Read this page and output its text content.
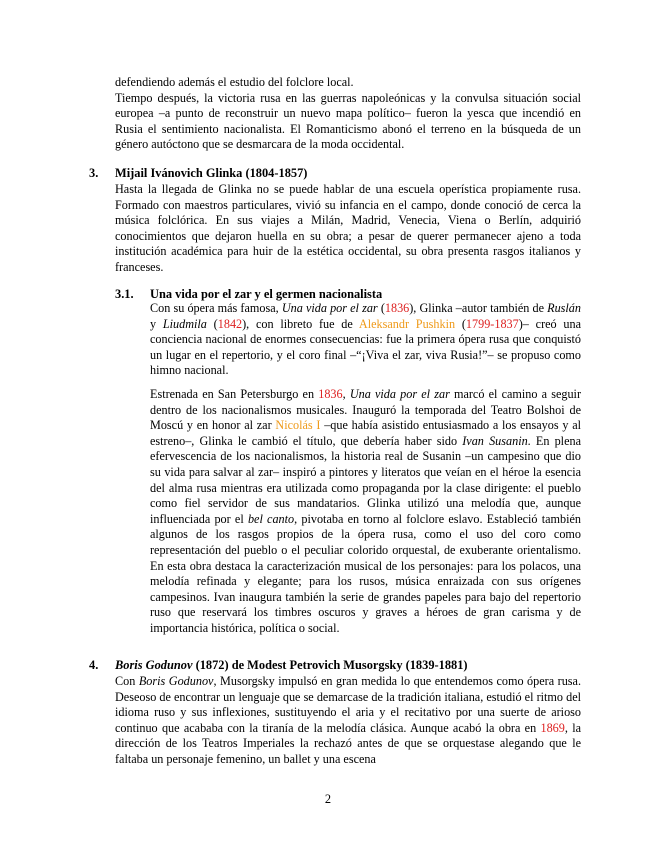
defendiendo además el estudio del folclore local.

Tiempo después, la victoria rusa en las guerras napoleónicas y la convulsa situación social europea –a punto de reconstruir un nuevo mapa político– fueron la yesca que incendió en Rusia el sentimiento nacionalista. El Romanticismo abonó el terreno en la búsqueda de un género autóctono que se desmarcara de la moda occidental.

3. Mijail Ivánovich Glinka (1804-1857)

Hasta la llegada de Glinka no se puede hablar de una escuela operística propiamente rusa. Formado con maestros particulares, vivió su infancia en el campo, donde conoció de cerca la música folclórica. En sus viajes a Milán, Madrid, Venecia, Viena o Berlín, adquirió conocimientos que dejaron huella en su obra; a pesar de querer permanecer ajeno a toda institución académica para huir de la estética occidental, su obra presenta rasgos italianos y franceses.

3.1. Una vida por el zar y el germen nacionalista

Con su ópera más famosa, Una vida por el zar (1836), Glinka –autor también de Ruslán y Liudmila (1842), con libreto fue de Aleksandr Pushkin (1799-1837)– creó una conciencia nacional de enormes consecuencias: fue la primera ópera rusa que conquistó un lugar en el repertorio, y el coro final –“¡Viva el zar, viva Rusia!”– se propuso como himno nacional.

Estrenada en San Petersburgo en 1836, Una vida por el zar marcó el camino a seguir dentro de los nacionalismos musicales. Inauguró la temporada del Teatro Bolshoi de Moscú y en honor al zar Nicolás I –que había asistido entusiasmado a los ensayos y al estreno–, Glinka le cambió el título, que debería haber sido Ivan Susanin. En plena efervescencia de los nacionalismos, la historia real de Susanin –un campesino que dio su vida para salvar al zar– inspiró a pintores y literatos que veían en el héroe la esencia del alma rusa mientras era utilizada como propaganda por la clase dirigente: el pueblo como fiel servidor de sus mandatarios. Glinka utilizó una melodía que, aunque influenciada por el bel canto, pivotaba en torno al folclore eslavo. Estableció también algunos de los rasgos propios de la ópera rusa, como el uso del coro como representación del pueblo o el peculiar colorido orquestal, de exuberante orientalismo. En esta obra destaca la caracterización musical de los personajes: para los polacos, una melodía refinada y elegante; para los rusos, música enraizada con sus orígenes campesinos. Ivan inaugura también la serie de grandes papeles para bajo del repertorio ruso que reservará los timbres oscuros y graves a héroes de gran carisma y de importancia histórica, política o social.

4. Boris Godunov (1872) de Modest Petrovich Musorgsky (1839-1881)

Con Boris Godunov, Musorgsky impulsó en gran medida lo que entendemos como ópera rusa. Deseoso de encontrar un lenguaje que se demarcase de la tradición italiana, estudió el ritmo del idioma ruso y sus inflexiones, sustituyendo el aria y el recitativo por una suerte de arioso continuo que acababa con la tiranía de la melodía clásica. Aunque acabó la obra en 1869, la dirección de los Teatros Imperiales la rechazó antes de que se orquestase alegando que le faltaba un personaje femenino, un ballet y una escena

2
